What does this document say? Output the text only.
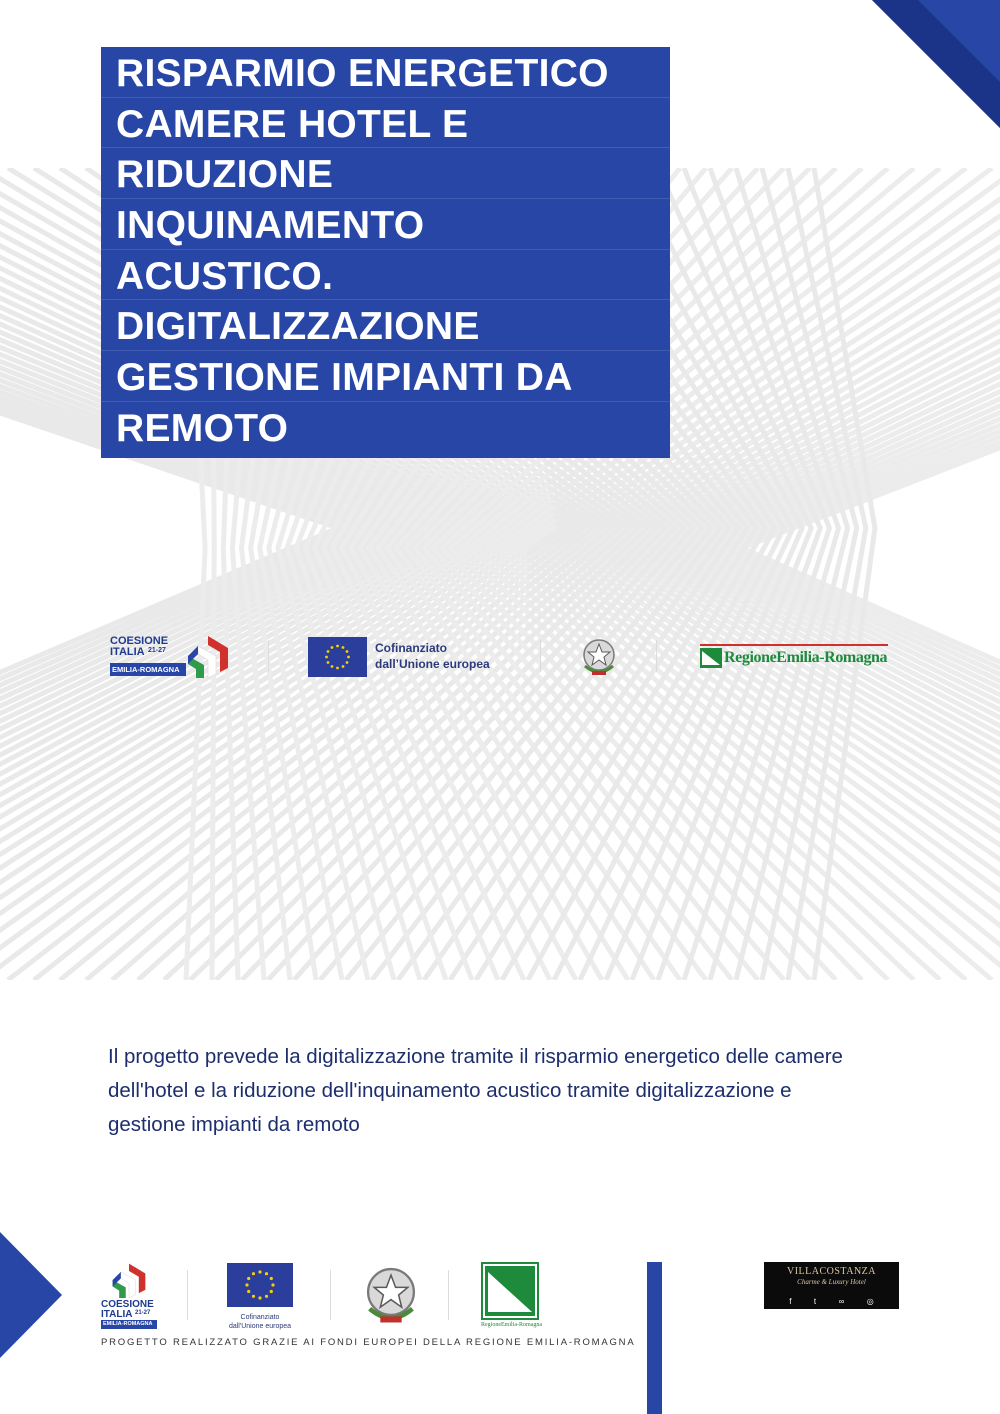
RISPARMIO ENERGETICO
CAMERE HOTEL E
RIDUZIONE
INQUINAMENTO
ACUSTICO.
DIGITALIZZAZIONE
GESTIONE IMPIANTI DA
REMOTO
COESIONE
ITALIA 21-27
EMILIA-ROMAGNA
Cofinanziato
dall’Unione europea	RegioneEmilia-Romagna

Il progetto prevede la digitalizzazione tramite il risparmio energetico delle camere dell'hotel e la riduzione dell'inquinamento acustico tramite digitalizzazione e gestione impianti da remoto

COESIONE
ITALIA 21-27
EMILIA-ROMAGNA
Cofinanziato
dall'Unione europea	RegioneEmilia-Romagna
PROGETTO REALIZZATO GRAZIE AI FONDI EUROPEI DELLA REGIONE EMILIA-ROMAGNA
VILLACOSTANZA
Charme & Luxury Hotel
f	t	∞	◎
